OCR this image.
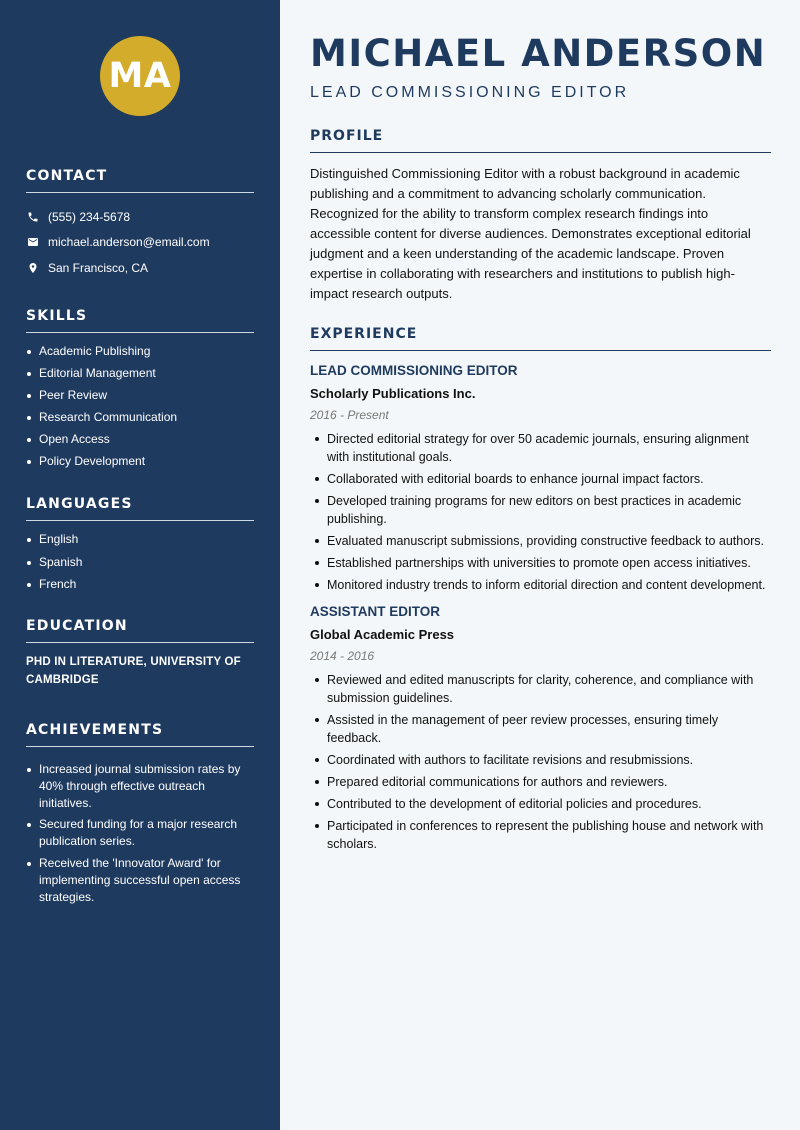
MA
CONTACT
(555) 234-5678
michael.anderson@email.com
San Francisco, CA
SKILLS
Academic Publishing
Editorial Management
Peer Review
Research Communication
Open Access
Policy Development
LANGUAGES
English
Spanish
French
EDUCATION

PHD IN LITERATURE, UNIVERSITY OF CAMBRIDGE

ACHIEVEMENTS
Increased journal submission rates by 40% through effective outreach initiatives.
Secured funding for a major research publication series.
Received the 'Innovator Award' for implementing successful open access strategies.
MICHAEL ANDERSON
LEAD COMMISSIONING EDITOR
PROFILE

Distinguished Commissioning Editor with a robust background in academic publishing and a commitment to advancing scholarly communication. Recognized for the ability to transform complex research findings into accessible content for diverse audiences. Demonstrates exceptional editorial judgment and a keen understanding of the academic landscape. Proven expertise in collaborating with researchers and institutions to publish high-impact research outputs.

EXPERIENCE
LEAD COMMISSIONING EDITOR
Scholarly Publications Inc.
2016 - Present
Directed editorial strategy for over 50 academic journals, ensuring alignment with institutional goals.
Collaborated with editorial boards to enhance journal impact factors.
Developed training programs for new editors on best practices in academic publishing.
Evaluated manuscript submissions, providing constructive feedback to authors.
Established partnerships with universities to promote open access initiatives.
Monitored industry trends to inform editorial direction and content development.
ASSISTANT EDITOR
Global Academic Press
2014 - 2016
Reviewed and edited manuscripts for clarity, coherence, and compliance with submission guidelines.
Assisted in the management of peer review processes, ensuring timely feedback.
Coordinated with authors to facilitate revisions and resubmissions.
Prepared editorial communications for authors and reviewers.
Contributed to the development of editorial policies and procedures.
Participated in conferences to represent the publishing house and network with scholars.
